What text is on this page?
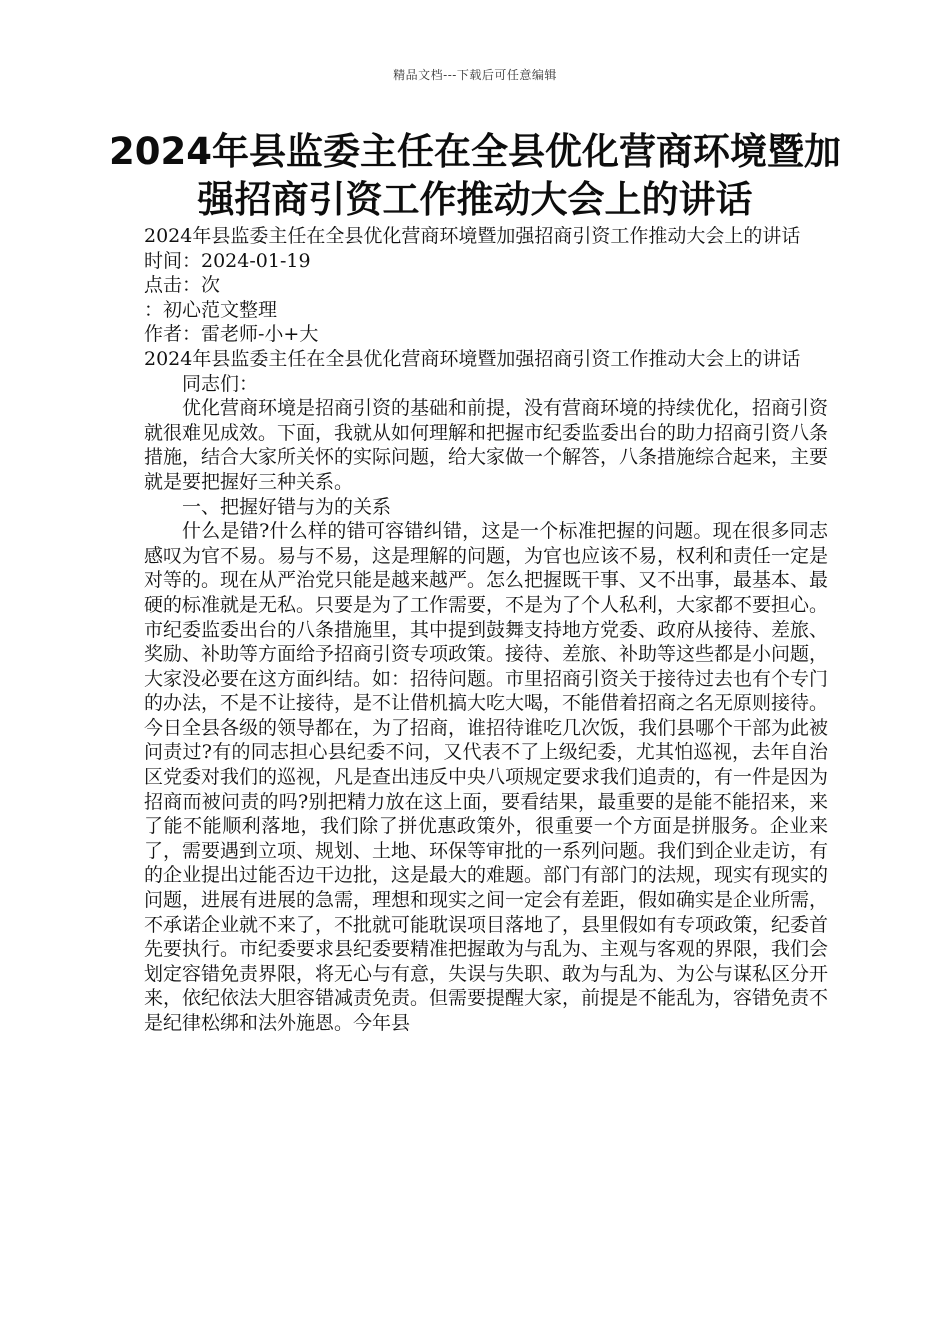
精品文档---下载后可任意编辑
2024年县监委主任在全县优化营商环境暨加强招商引资工作推动大会上的讲话

2024年县监委主任在全县优化营商环境暨加强招商引资工作推动大会上的讲话

时间：2024-01-19

点击：次

：初心范文整理

作者：雷老师-小+大

2024年县监委主任在全县优化营商环境暨加强招商引资工作推动大会上的讲话

同志们：

优化营商环境是招商引资的基础和前提，没有营商环境的持续优化，招商引资就很难见成效。下面，我就从如何理解和把握市纪委监委出台的助力招商引资八条措施，结合大家所关怀的实际问题，给大家做一个解答，八条措施综合起来，主要就是要把握好三种关系。

一、把握好错与为的关系

什么是错?什么样的错可容错纠错，这是一个标准把握的问题。现在很多同志感叹为官不易。易与不易，这是理解的问题，为官也应该不易，权利和责任一定是对等的。现在从严治党只能是越来越严。怎么把握既干事、又不出事，最基本、最硬的标准就是无私。只要是为了工作需要，不是为了个人私利，大家都不要担心。市纪委监委出台的八条措施里，其中提到鼓舞支持地方党委、政府从接待、差旅、奖励、补助等方面给予招商引资专项政策。接待、差旅、补助等这些都是小问题，大家没必要在这方面纠结。如：招待问题。市里招商引资关于接待过去也有个专门的办法，不是不让接待，是不让借机搞大吃大喝，不能借着招商之名无原则接待。今日全县各级的领导都在，为了招商，谁招待谁吃几次饭，我们县哪个干部为此被问责过?有的同志担心县纪委不问，又代表不了上级纪委，尤其怕巡视，去年自治区党委对我们的巡视，凡是查出违反中央八项规定要求我们追责的，有一件是因为招商而被问责的吗?别把精力放在这上面，要看结果，最重要的是能不能招来，来了能不能顺利落地，我们除了拼优惠政策外，很重要一个方面是拼服务。企业来了，需要遇到立项、规划、土地、环保等审批的一系列问题。我们到企业走访，有的企业提出过能否边干边批，这是最大的难题。部门有部门的法规，现实有现实的问题，进展有进展的急需，理想和现实之间一定会有差距，假如确实是企业所需，不承诺企业就不来了，不批就可能耽误项目落地了，县里假如有专项政策，纪委首先要执行。市纪委要求县纪委要精准把握敢为与乱为、主观与客观的界限，我们会划定容错免责界限，将无心与有意，失误与失职、敢为与乱为、为公与谋私区分开来，依纪依法大胆容错减责免责。但需要提醒大家，前提是不能乱为，容错免责不是纪律松绑和法外施恩。今年县
